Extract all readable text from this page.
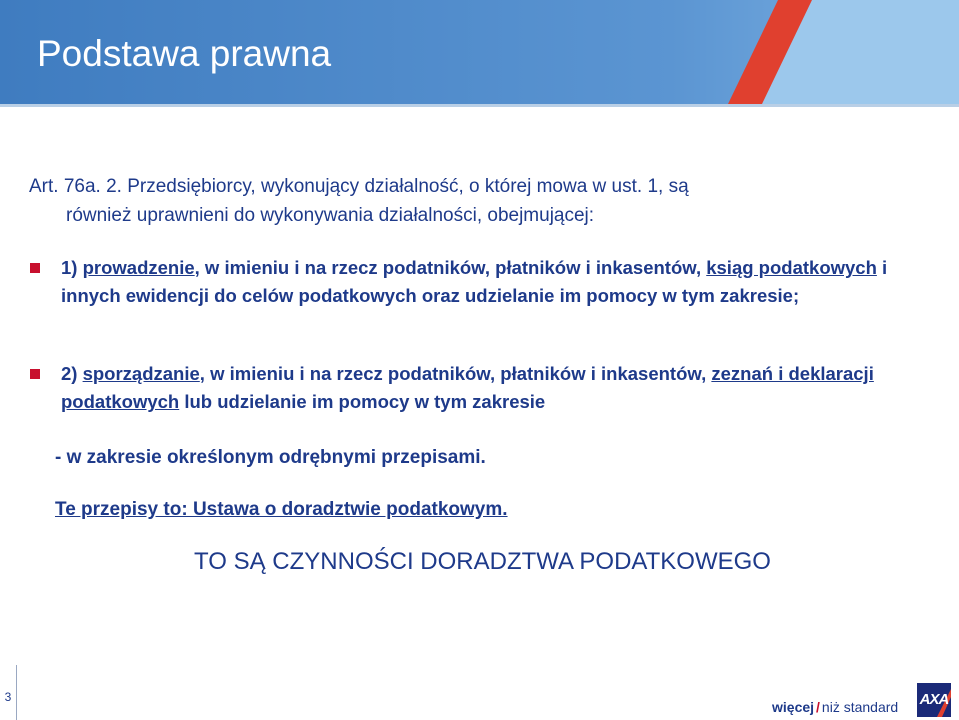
Podstawa prawna

Art. 76a. 2. Przedsiębiorcy, wykonujący działalność, o której mowa w ust. 1, są
również uprawnieni do wykonywania działalności, obejmującej:

1) prowadzenie, w imieniu i na rzecz podatników, płatników i inkasentów, ksiąg podatkowych i innych ewidencji do celów podatkowych oraz udzielanie im pomocy w tym zakresie;

2) sporządzanie, w imieniu i na rzecz podatników, płatników i inkasentów, zeznań i deklaracji podatkowych lub udzielanie im pomocy w tym zakresie

- w zakresie określonym odrębnymi przepisami.

Te przepisy to: Ustawa o doradztwie podatkowym.

TO SĄ CZYNNOŚCI DORADZTWA PODATKOWEGO

3
więcej / niż standard AXA
